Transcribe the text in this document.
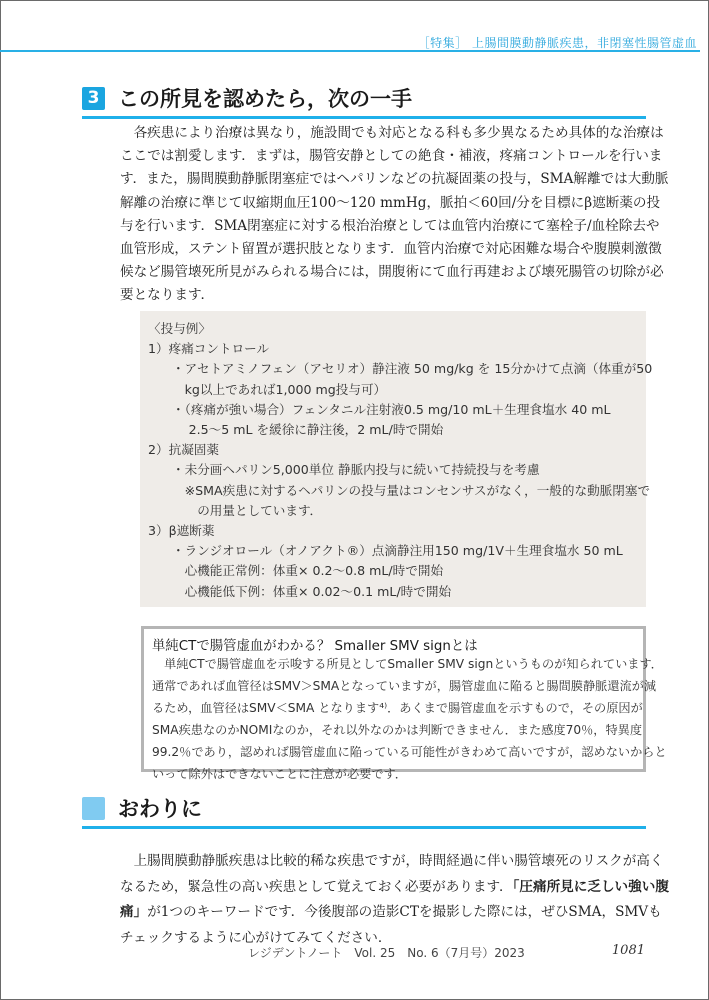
［特集］ 上腸間膜動静脈疾患，非閉塞性腸管虚血
3 この所見を認めたら，次の一手
　各疾患により治療は異なり，施設間でも対応となる科も多少異なるため具体的な治療は
ここでは割愛します．まずは，腸管安静としての絶食・補液，疼痛コントロールを行いま
す．また，腸間膜動静脈閉塞症ではヘパリンなどの抗凝固薬の投与，SMA解離では大動脈
解離の治療に準じて収縮期血圧100～120 mmHg，脈拍＜60回/分を目標にβ遮断薬の投
与を行います．SMA閉塞症に対する根治治療としては血管内治療にて塞栓子/血栓除去や
血管形成，ステント留置が選択肢となります．血管内治療で対応困難な場合や腹膜刺激徴
候など腸管壊死所見がみられる場合には，開腹術にて血行再建および壊死腸管の切除が必
要となります．
〈投与例〉
1）疼痛コントロール
・アセトアミノフェン（アセリオ）静注液 50 mg/kg を 15分かけて点滴（体重が50
　kg以上であれば1,000 mg投与可）
・（疼痛が強い場合）フェンタニル注射液0.5 mg/10 mL＋生理食塩水 40 mL
　 2.5～5 mL を緩徐に静注後，2 mL/時で開始
2）抗凝固薬
・未分画ヘパリン5,000単位 静脈内投与に続いて持続投与を考慮
　※SMA疾患に対するヘパリンの投与量はコンセンサスがなく，一般的な動脈閉塞で
　　の用量としています．
3）β遮断薬
・ランジオロール（オノアクト®）点滴静注用150 mg/1V＋生理食塩水 50 mL
　心機能正常例：体重× 0.2～0.8 mL/時で開始
　心機能低下例：体重× 0.02～0.1 mL/時で開始
単純CTで腸管虚血がわかる？ Smaller SMV signとは
　単純CTで腸管虚血を示唆する所見としてSmaller SMV signというものが知られています．
通常であれば血管径はSMV＞SMAとなっていますが，腸管虚血に陥ると腸間膜静脈還流が減
るため，血管径はSMV＜SMA となります⁴⁾．あくまで腸管虚血を示すもので，その原因が
SMA疾患なのかNOMIなのか，それ以外なのかは判断できません．また感度70％，特異度
99.2％であり，認めれば腸管虚血に陥っている可能性がきわめて高いですが，認めないからと
いって除外はできないことに注意が必要です．
おわりに
　上腸間膜動静脈疾患は比較的稀な疾患ですが，時間経過に伴い腸管壊死のリスクが高く
なるため，緊急性の高い疾患として覚えておく必要があります．「圧痛所見に乏しい強い腹
痛」が1つのキーワードです．今後腹部の造影CTを撮影した際には，ぜひSMA，SMVも
チェックするように心がけてみてください．
レジデントノート　Vol. 25　No. 6（7月号）2023	1081
